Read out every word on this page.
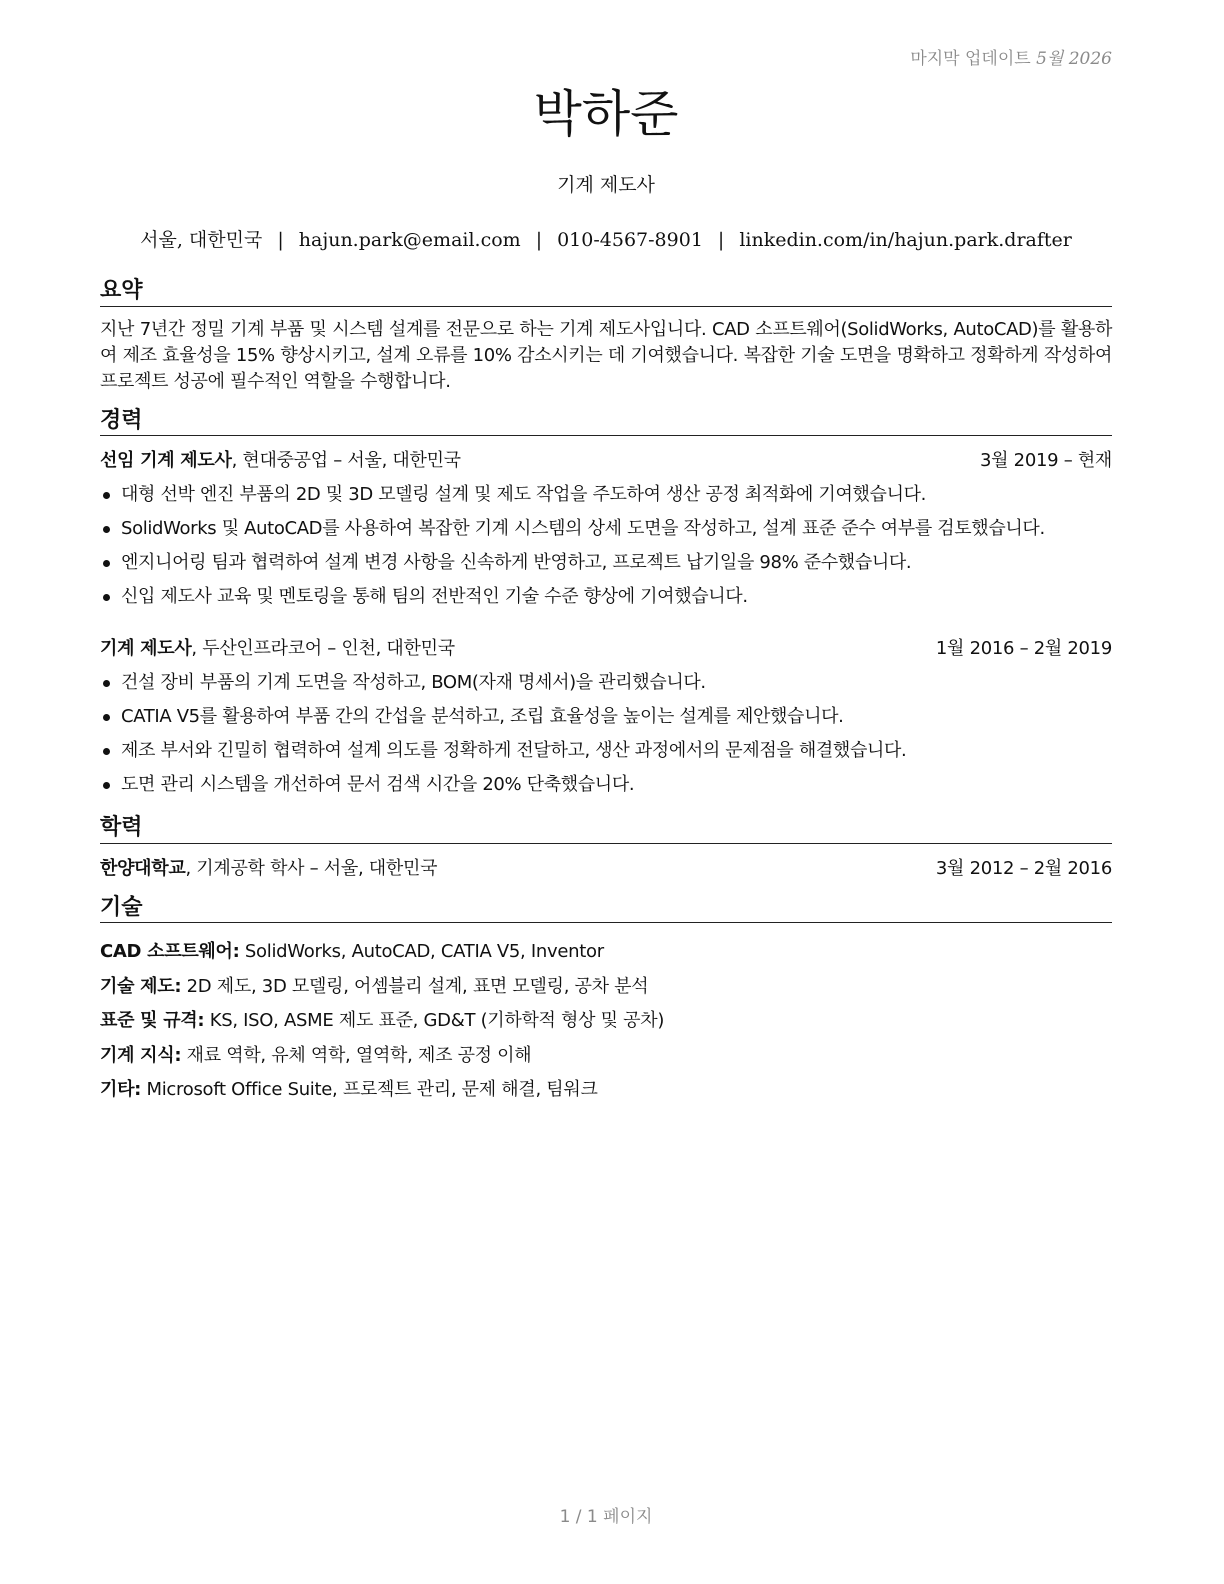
마지막 업데이트 5월 2026
박하준
기계 제도사
서울, 대한민국 | hajun.park@email.com | 010-4567-8901 | linkedin.com/in/hajun.park.drafter
요약

지난 7년간 정밀 기계 부품 및 시스템 설계를 전문으로 하는 기계 제도사입니다. CAD 소프트웨어(SolidWorks, AutoCAD)를 활용하여 제조 효율성을 15% 향상시키고, 설계 오류를 10% 감소시키는 데 기여했습니다. 복잡한 기술 도면을 명확하고 정확하게 작성하여 프로젝트 성공에 필수적인 역할을 수행합니다.

경력
선임 기계 제도사, 현대중공업 – 서울, 대한민국	3월 2019 – 현재
대형 선박 엔진 부품의 2D 및 3D 모델링 설계 및 제도 작업을 주도하여 생산 공정 최적화에 기여했습니다.
SolidWorks 및 AutoCAD를 사용하여 복잡한 기계 시스템의 상세 도면을 작성하고, 설계 표준 준수 여부를 검토했습니다.
엔지니어링 팀과 협력하여 설계 변경 사항을 신속하게 반영하고, 프로젝트 납기일을 98% 준수했습니다.
신입 제도사 교육 및 멘토링을 통해 팀의 전반적인 기술 수준 향상에 기여했습니다.
기계 제도사, 두산인프라코어 – 인천, 대한민국	1월 2016 – 2월 2019
건설 장비 부품의 기계 도면을 작성하고, BOM(자재 명세서)을 관리했습니다.
CATIA V5를 활용하여 부품 간의 간섭을 분석하고, 조립 효율성을 높이는 설계를 제안했습니다.
제조 부서와 긴밀히 협력하여 설계 의도를 정확하게 전달하고, 생산 과정에서의 문제점을 해결했습니다.
도면 관리 시스템을 개선하여 문서 검색 시간을 20% 단축했습니다.
학력
한양대학교, 기계공학 학사 – 서울, 대한민국	3월 2012 – 2월 2016
기술
CAD 소프트웨어: SolidWorks, AutoCAD, CATIA V5, Inventor
기술 제도: 2D 제도, 3D 모델링, 어셈블리 설계, 표면 모델링, 공차 분석
표준 및 규격: KS, ISO, ASME 제도 표준, GD&T (기하학적 형상 및 공차)
기계 지식: 재료 역학, 유체 역학, 열역학, 제조 공정 이해
기타: Microsoft Office Suite, 프로젝트 관리, 문제 해결, 팀워크
1 / 1 페이지
